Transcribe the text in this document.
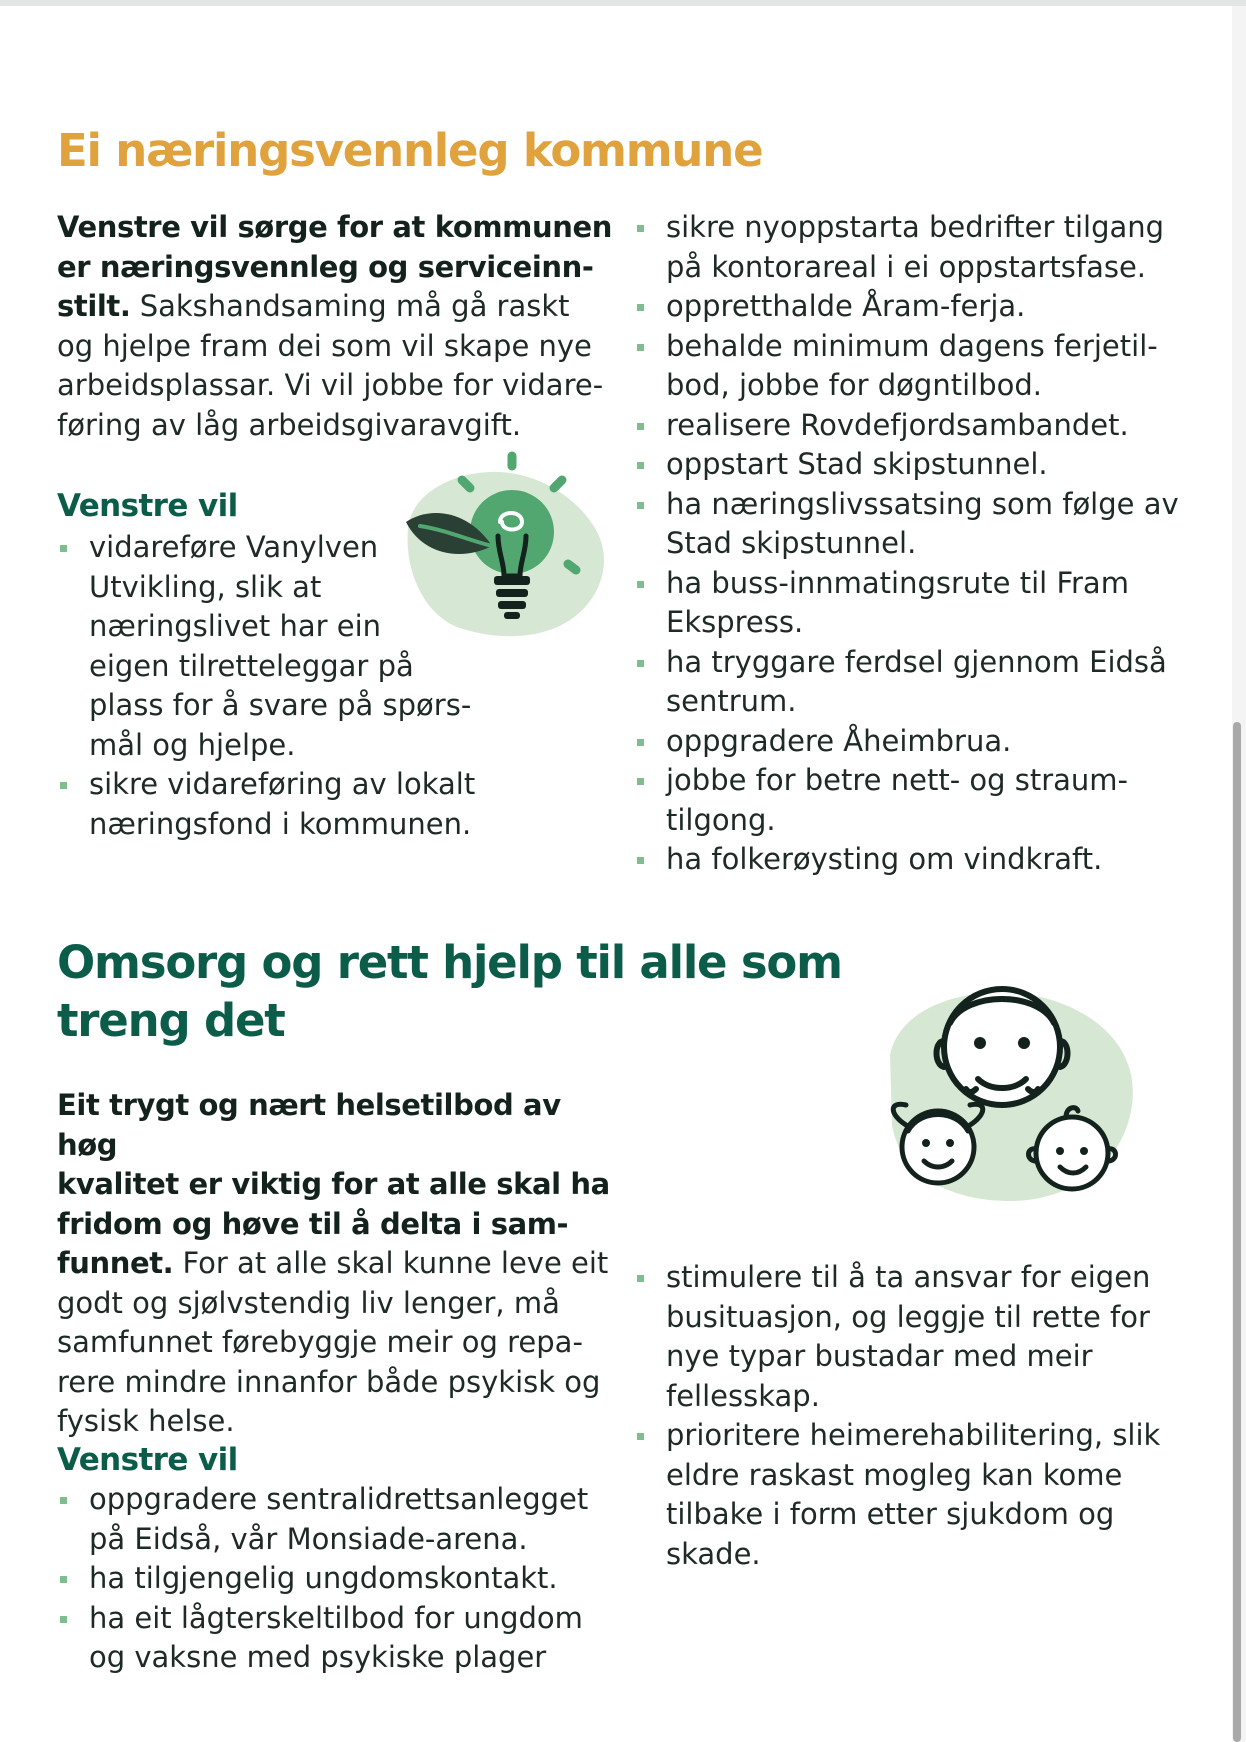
Ei næringsvennleg kommune
Venstre vil sørge for at kommunen
er næringsvennleg og serviceinn-
stilt. Sakshandsaming må gå raskt
og hjelpe fram dei som vil skape nye
arbeidsplassar. Vi vil jobbe for vidare-
føring av låg arbeidsgivaravgift.
Venstre vil
vidareføre Vanylven
Utvikling, slik at
næringslivet har ein
eigen tilretteleggar på
plass for å svare på spørs-
mål og hjelpe.
sikre vidareføring av lokalt
næringsfond i kommunen.
sikre nyoppstarta bedrifter tilgang
på kontorareal i ei oppstartsfase.
oppretthalde Åram-ferja.
behalde minimum dagens ferjetil-
bod, jobbe for døgntilbod.
realisere Rovdefjordsambandet.
oppstart Stad skipstunnel.
ha næringslivssatsing som følge av
Stad skipstunnel.
ha buss-innmatingsrute til Fram
Ekspress.
ha tryggare ferdsel gjennom Eidså
sentrum.
oppgradere Åheimbrua.
jobbe for betre nett- og straum-
tilgong.
ha folkerøysting om vindkraft.
Omsorg og rett hjelp til alle som
treng det
Eit trygt og nært helsetilbod av høg
kvalitet er viktig for at alle skal ha
fridom og høve til å delta i sam-
funnet. For at alle skal kunne leve eit
godt og sjølvstendig liv lenger, må
samfunnet førebyggje meir og repa-
rere mindre innanfor både psykisk og
fysisk helse.
Venstre vil
oppgradere sentralidrettsanlegget
på Eidså, vår Monsiade-arena.
ha tilgjengelig ungdomskontakt.
ha eit lågterskeltilbod for ungdom
og vaksne med psykiske plager
stimulere til å ta ansvar for eigen
busituasjon, og leggje til rette for
nye typar bustadar med meir
fellesskap.
prioritere heimerehabilitering, slik
eldre raskast mogleg kan kome
tilbake i form etter sjukdom og
skade.
